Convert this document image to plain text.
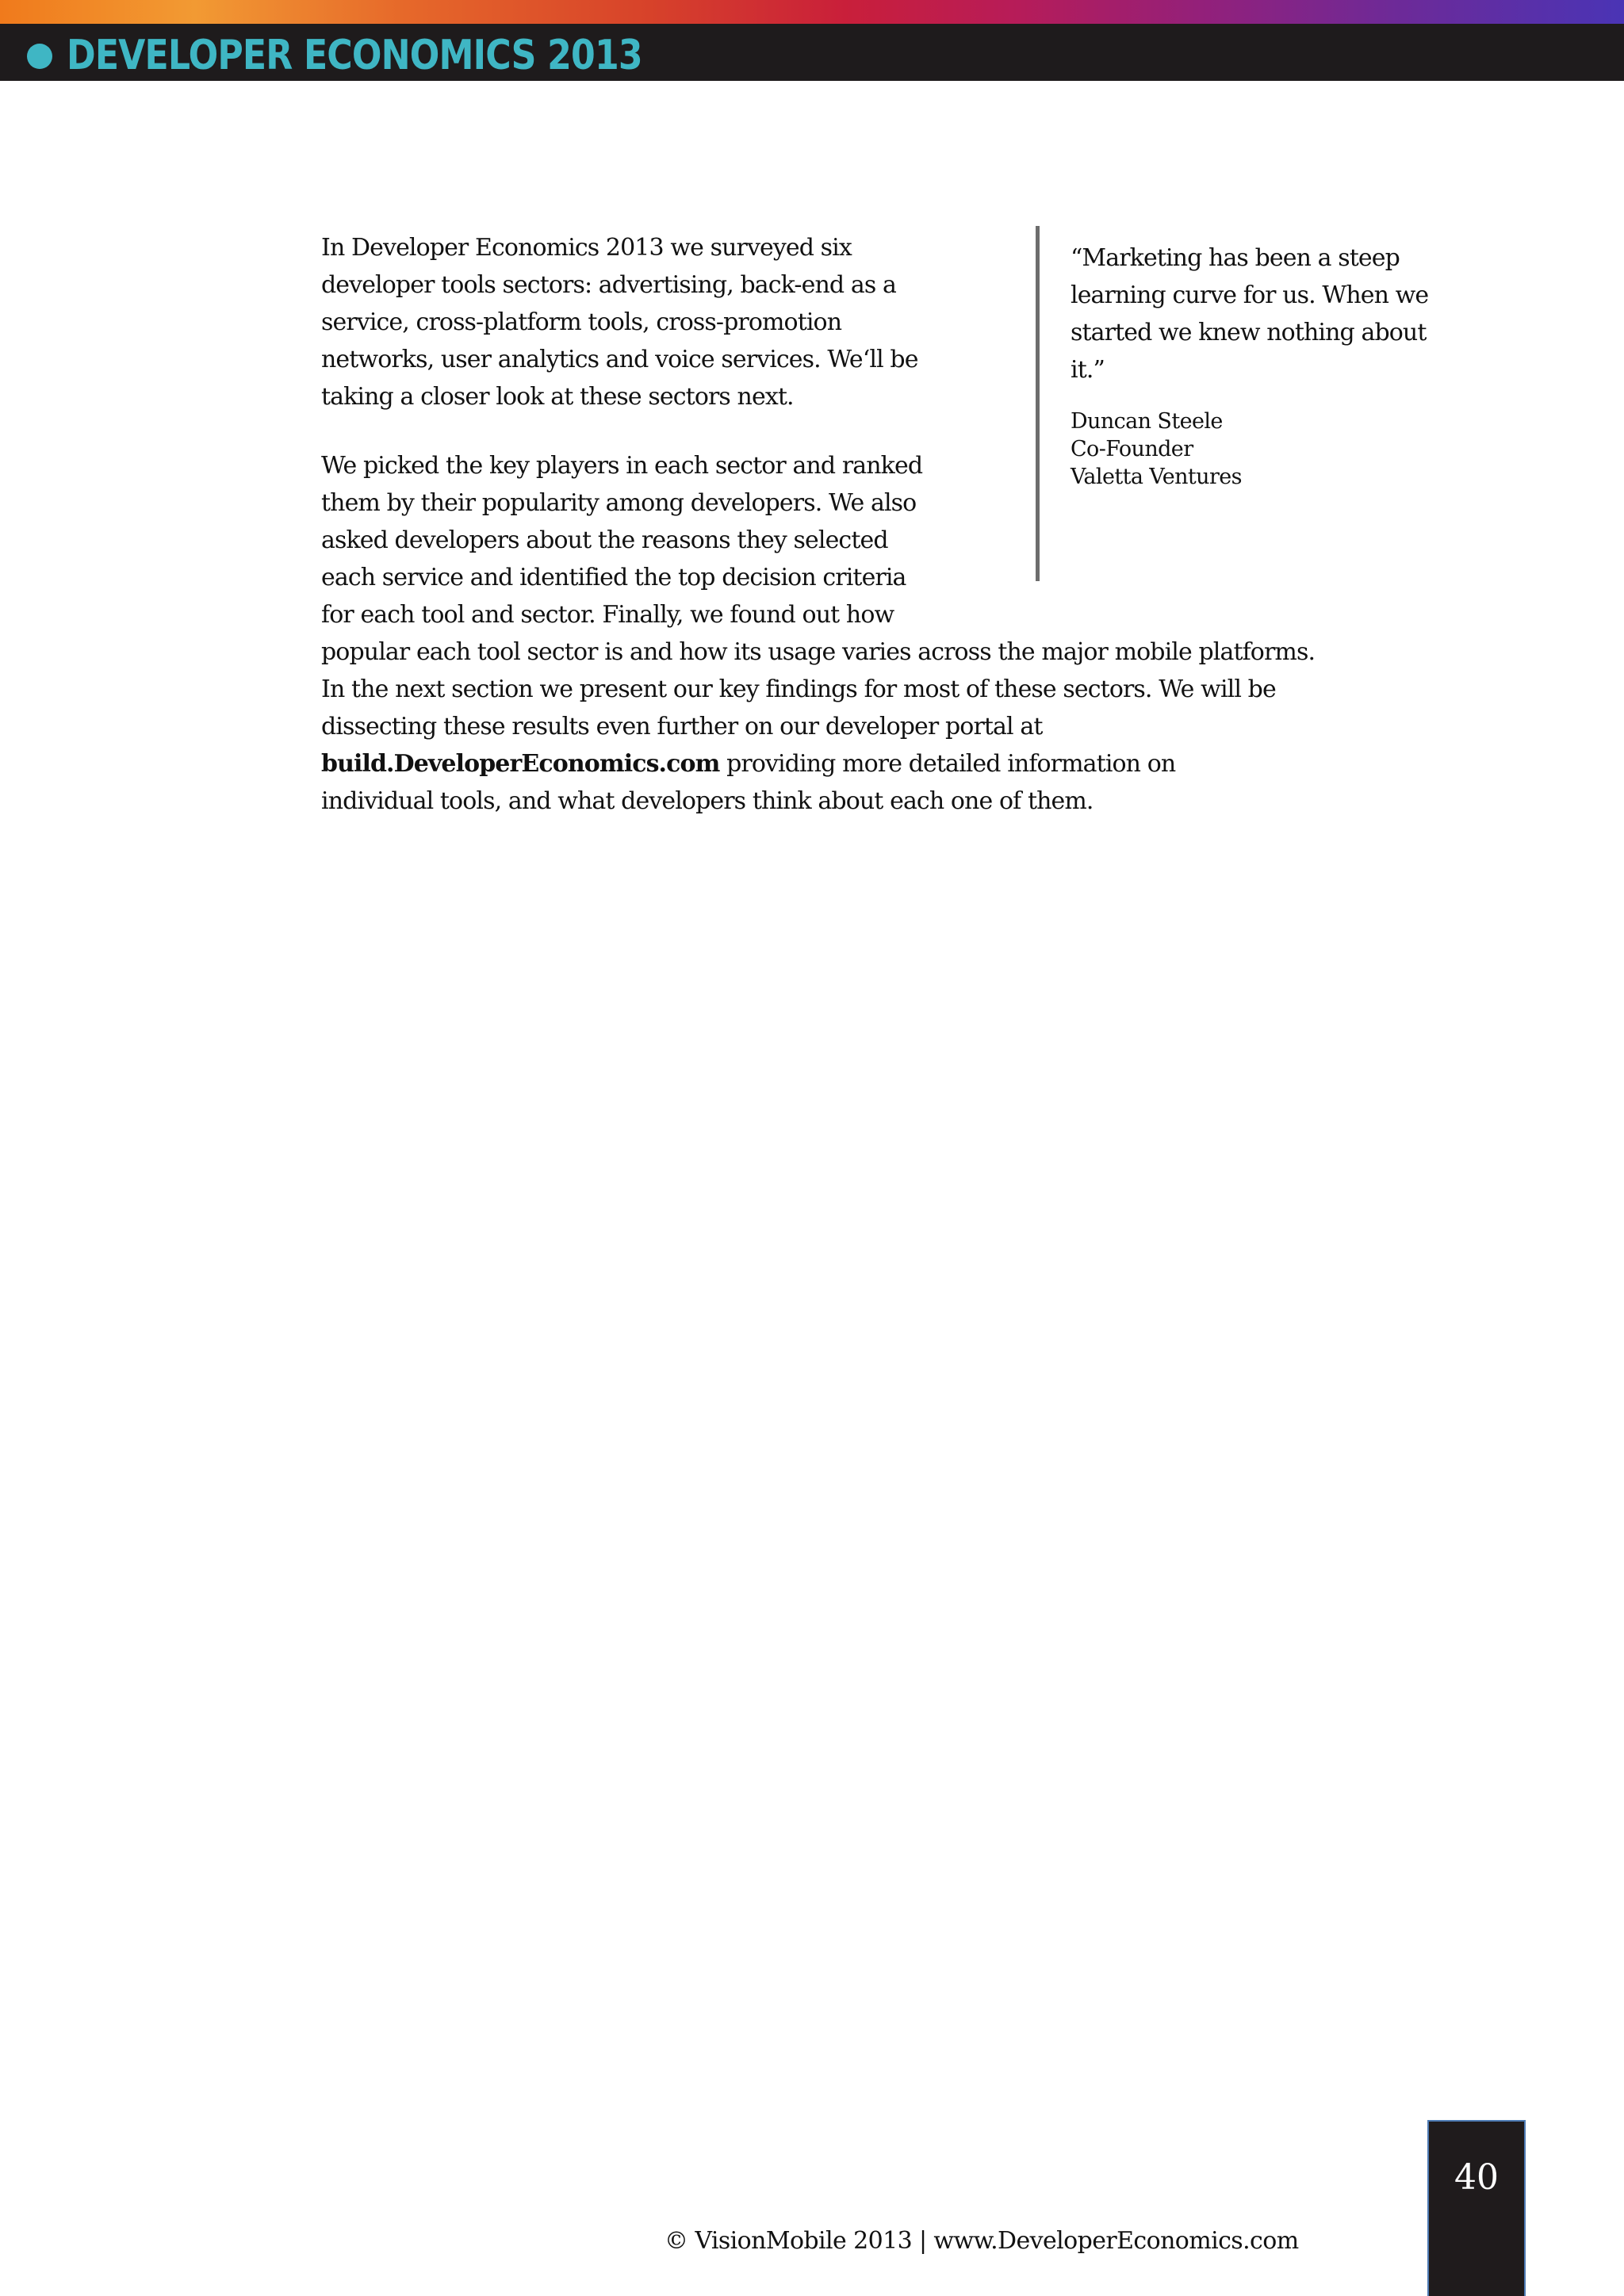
DEVELOPER ECONOMICS 2013

In Developer Economics 2013 we surveyed six
developer tools sectors: advertising, back-end as a
service, cross-platform tools, cross-promotion
networks, user analytics and voice services. We‘ll be
taking a closer look at these sectors next.

We picked the key players in each sector and ranked
them by their popularity among developers. We also
asked developers about the reasons they selected
each service and identified the top decision criteria
for each tool and sector. Finally, we found out how
popular each tool sector is and how its usage varies across the major mobile platforms.
In the next section we present our key findings for most of these sectors. We will be
dissecting these results even further on our developer portal at
build.DeveloperEconomics.com providing more detailed information on
individual tools, and what developers think about each one of them.

“Marketing has been a steep
learning curve for us. When we
started we knew nothing about
it.”

Duncan Steele
Co-Founder
Valetta Ventures
© VisionMobile 2013 | www.DeveloperEconomics.com
40
